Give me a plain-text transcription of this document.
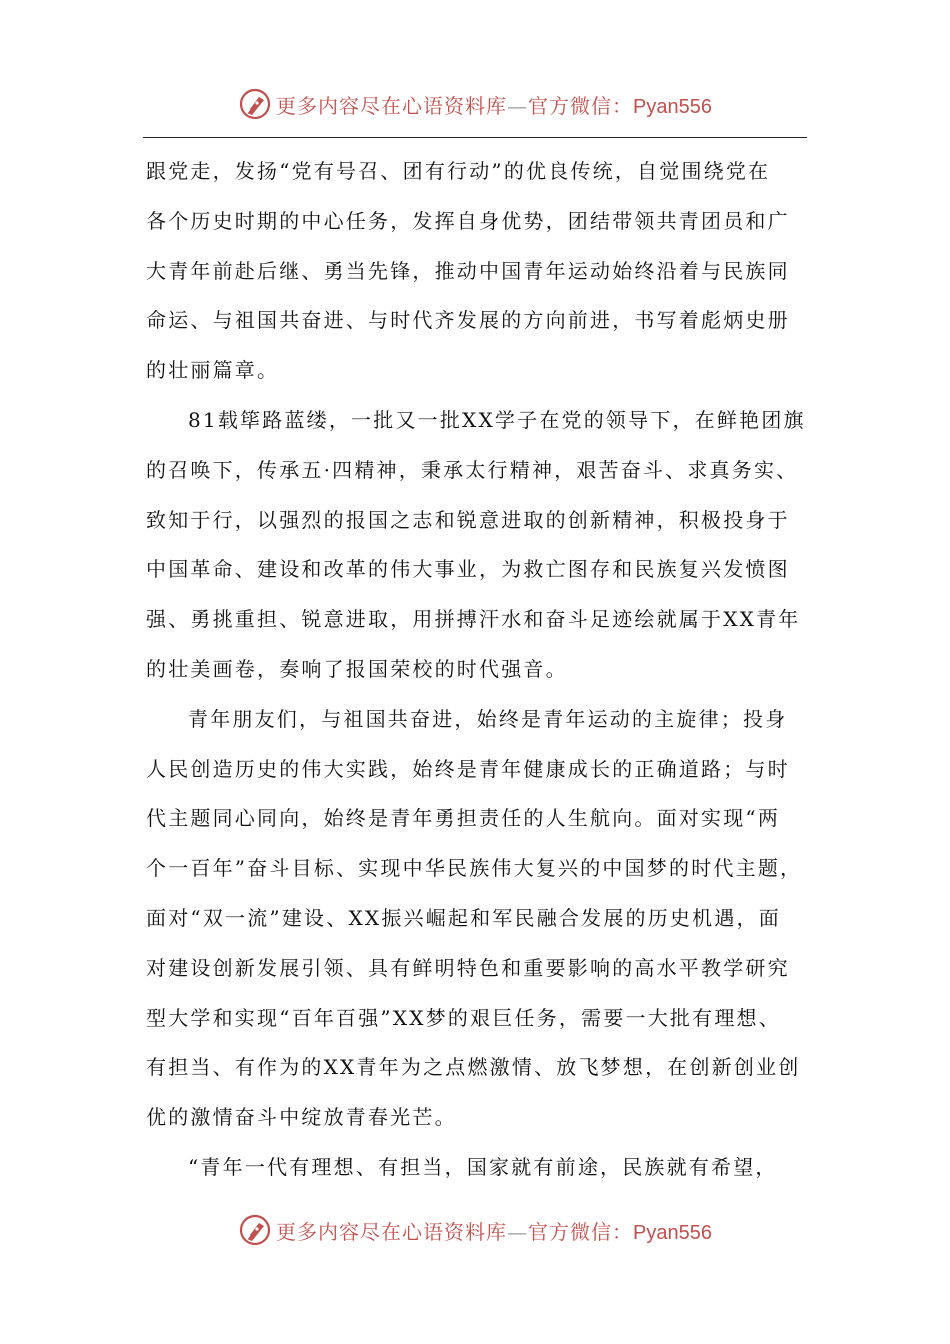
更多内容尽在心语资料库—官方微信：Pyan556
跟党走，发扬“党有号召、团有行动”的优良传统，自觉围绕党在
各个历史时期的中心任务，发挥自身优势，团结带领共青团员和广
大青年前赴后继、勇当先锋，推动中国青年运动始终沿着与民族同
命运、与祖国共奋进、与时代齐发展的方向前进，书写着彪炳史册
的壮丽篇章。
81载筚路蓝缕，一批又一批XX学子在党的领导下，在鲜艳团旗
的召唤下，传承五·四精神，秉承太行精神，艰苦奋斗、求真务实、
致知于行，以强烈的报国之志和锐意进取的创新精神，积极投身于
中国革命、建设和改革的伟大事业，为救亡图存和民族复兴发愤图
强、勇挑重担、锐意进取，用拼搏汗水和奋斗足迹绘就属于XX青年
的壮美画卷，奏响了报国荣校的时代强音。
青年朋友们，与祖国共奋进，始终是青年运动的主旋律；投身
人民创造历史的伟大实践，始终是青年健康成长的正确道路；与时
代主题同心同向，始终是青年勇担责任的人生航向。面对实现“两
个一百年”奋斗目标、实现中华民族伟大复兴的中国梦的时代主题，
面对“双一流”建设、XX振兴崛起和军民融合发展的历史机遇，面
对建设创新发展引领、具有鲜明特色和重要影响的高水平教学研究
型大学和实现“百年百强”XX梦的艰巨任务，需要一大批有理想、
有担当、有作为的XX青年为之点燃激情、放飞梦想，在创新创业创
优的激情奋斗中绽放青春光芒。
“青年一代有理想、有担当，国家就有前途，民族就有希望，
更多内容尽在心语资料库—官方微信：Pyan556
